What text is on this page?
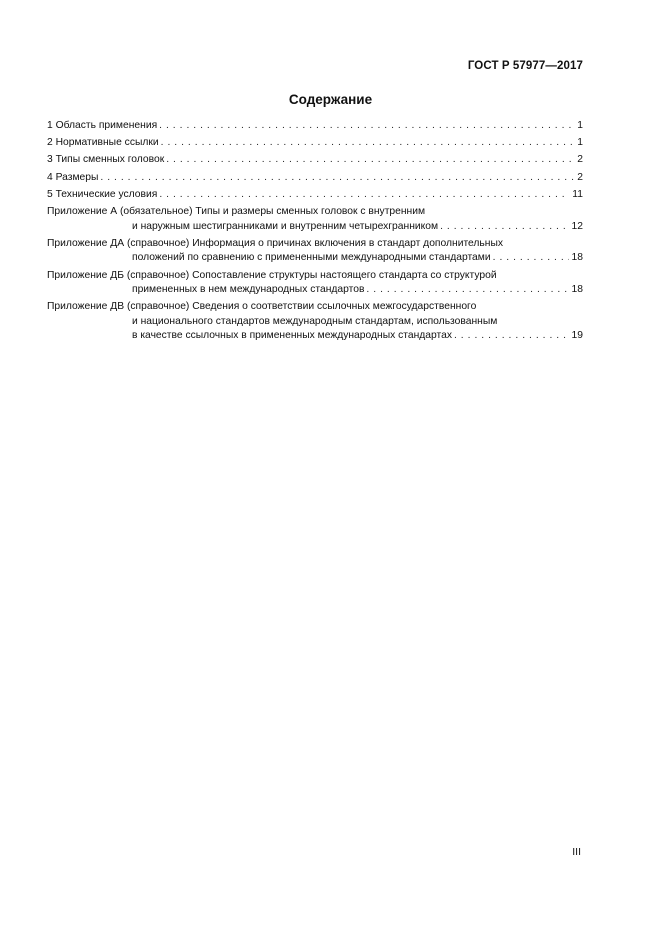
ГОСТ Р 57977—2017
Содержание
1 Область применения . . .	1
2 Нормативные ссылки . . .	1
3 Типы сменных головок . . .	2
4 Размеры . . .	2
5 Технические условия . . .	11
Приложение А (обязательное)
Типы и размеры сменных головок с внутренним
и наружным шестигранниками и внутренним четырехгранником . . .	12
Приложение ДА (справочное)
Информация о причинах включения в стандарт дополнительных
положений по сравнению с примененными международными стандартами . . .	18
Приложение ДБ (справочное)
Сопоставление структуры настоящего стандарта со структурой
примененных в нем международных стандартов . . .	18
Приложение ДВ (справочное)
Сведения о соответствии ссылочных межгосударственного
и национального стандартов международным стандартам, использованным
в качестве ссылочных в примененных международных стандартах . . .	19
III
